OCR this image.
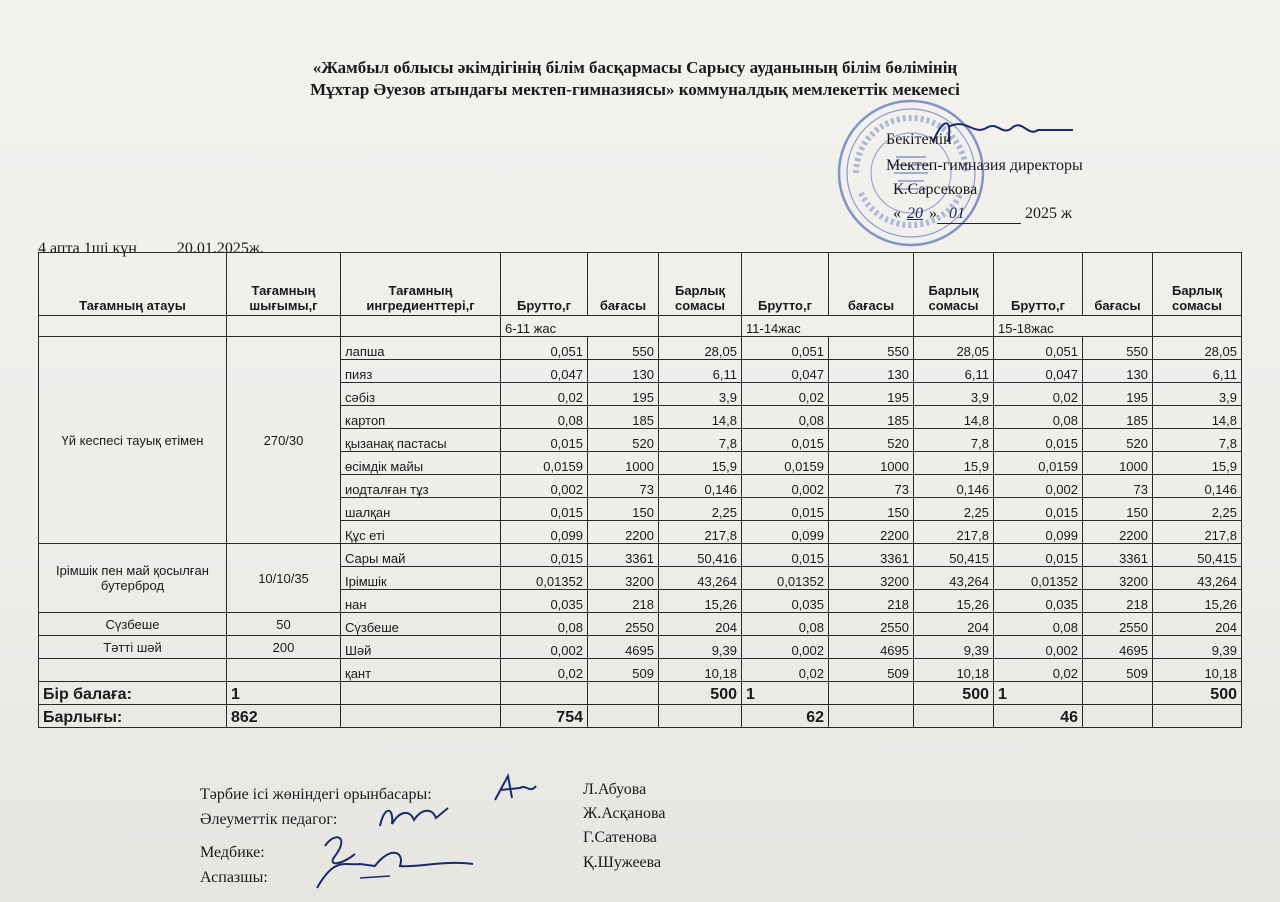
«Жамбыл облысы әкімдігінің білім басқармасы Сарысу ауданының білім бөлімінің
Мұхтар Әуезов атындағы мектеп-гимназиясы» коммуналдық мемлекеттік мекемесі
Бекітемін
Мектеп-гимназия директоры
К.Сарсекова
« 20 » 01	2025 ж
4 апта 1ші күн	20.01.2025ж.
Тағамның атауы	Тағамның шығымы,г	Тағамның ингредиенттері,г	Брутто,г	бағасы	Барлық сомасы	Брутто,г	бағасы	Барлық сомасы	Брутто,г	бағасы	Барлық сомасы
			6-11 жас			11-14жас			15-18жас		
Үй кеспесі тауық етімен	270/30	лапша	0,051	550	28,05	0,051	550	28,05	0,051	550	28,05
		пияз	0,047	130	6,11	0,047	130	6,11	0,047	130	6,11
		сәбіз	0,02	195	3,9	0,02	195	3,9	0,02	195	3,9
		картоп	0,08	185	14,8	0,08	185	14,8	0,08	185	14,8
		қызанақ пастасы	0,015	520	7,8	0,015	520	7,8	0,015	520	7,8
		өсімдік майы	0,0159	1000	15,9	0,0159	1000	15,9	0,0159	1000	15,9
		иодталған тұз	0,002	73	0,146	0,002	73	0,146	0,002	73	0,146
		шалқан	0,015	150	2,25	0,015	150	2,25	0,015	150	2,25
		Құс еті	0,099	2200	217,8	0,099	2200	217,8	0,099	2200	217,8
Ірімшік пен май қосылған бутерброд	10/10/35	Сары май	0,015	3361	50,416	0,015	3361	50,415	0,015	3361	50,415
		Ірімшік	0,01352	3200	43,264	0,01352	3200	43,264	0,01352	3200	43,264
		нан	0,035	218	15,26	0,035	218	15,26	0,035	218	15,26
Сүзбеше	50	Сүзбеше	0,08	2550	204	0,08	2550	204	0,08	2550	204
Тәтті шәй	200	Шәй	0,002	4695	9,39	0,002	4695	9,39	0,002	4695	9,39
		қант	0,02	509	10,18	0,02	509	10,18	0,02	509	10,18
Бір балаға:	1				500	1		500	1		500
Барлығы:	862		754			62			46		
Тәрбие ісі жөніндегі орынбасары:
Әлеуметтік педагог:
Медбике:
Аспазшы:
Л.Абуова
Ж.Асқанова
Г.Сатенова
Қ.Шужеева
